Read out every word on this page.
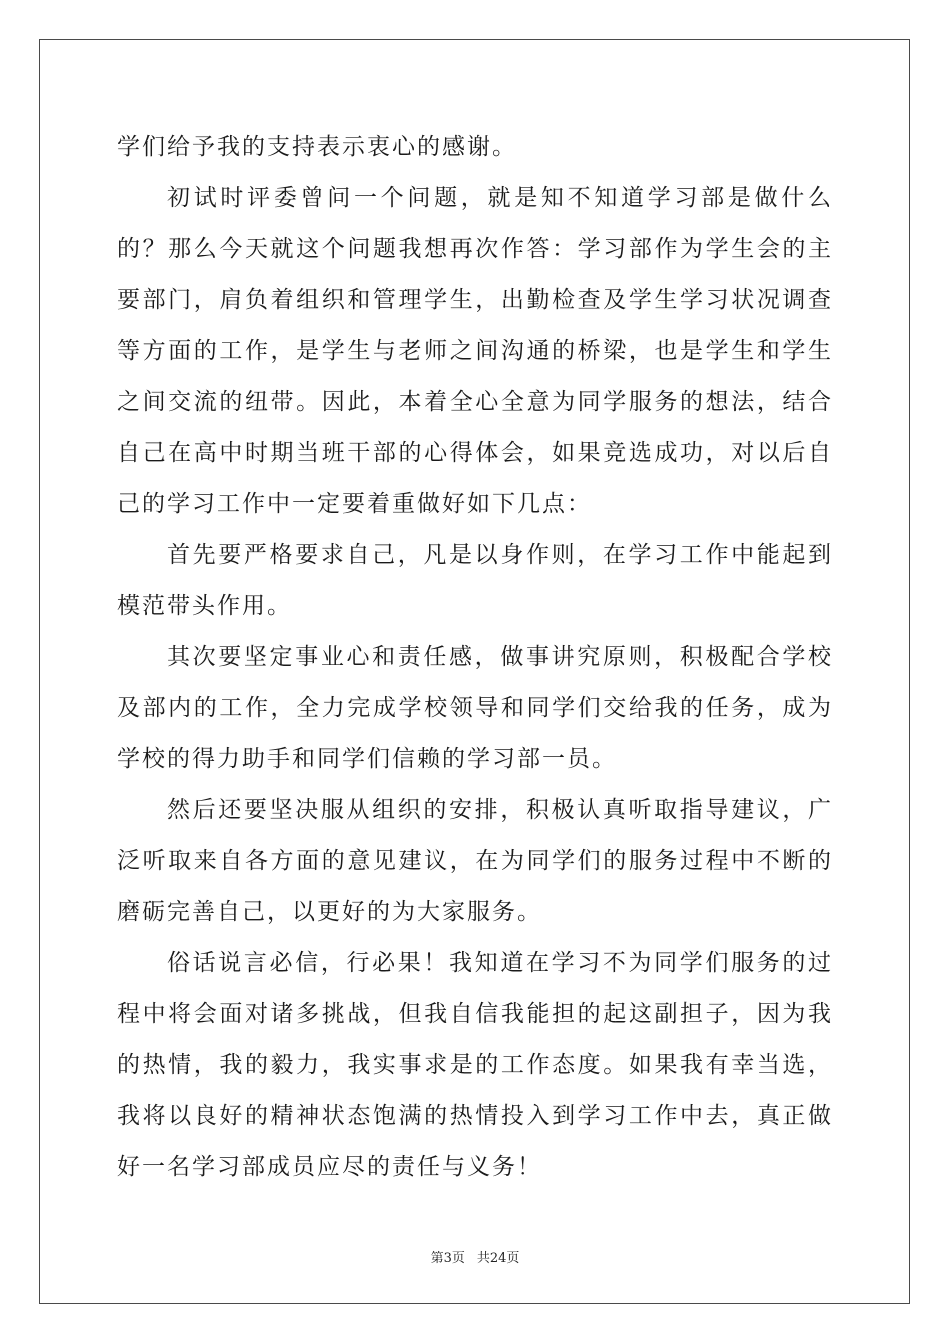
学们给予我的支持表示衷心的感谢。

初试时评委曾问一个问题，就是知不知道学习部是做什么的？那么今天就这个问题我想再次作答：学习部作为学生会的主要部门，肩负着组织和管理学生，出勤检查及学生学习状况调查等方面的工作，是学生与老师之间沟通的桥梁，也是学生和学生之间交流的纽带。因此，本着全心全意为同学服务的想法，结合自己在高中时期当班干部的心得体会，如果竞选成功，对以后自己的学习工作中一定要着重做好如下几点：

首先要严格要求自己，凡是以身作则，在学习工作中能起到模范带头作用。

其次要坚定事业心和责任感，做事讲究原则，积极配合学校及部内的工作，全力完成学校领导和同学们交给我的任务，成为学校的得力助手和同学们信赖的学习部一员。

然后还要坚决服从组织的安排，积极认真听取指导建议，广泛听取来自各方面的意见建议，在为同学们的服务过程中不断的磨砺完善自己，以更好的为大家服务。

俗话说言必信，行必果！我知道在学习不为同学们服务的过程中将会面对诸多挑战，但我自信我能担的起这副担子，因为我的热情，我的毅力，我实事求是的工作态度。如果我有幸当选，我将以良好的精神状态饱满的热情投入到学习工作中去，真正做好一名学习部成员应尽的责任与义务！

第3页 共24页
